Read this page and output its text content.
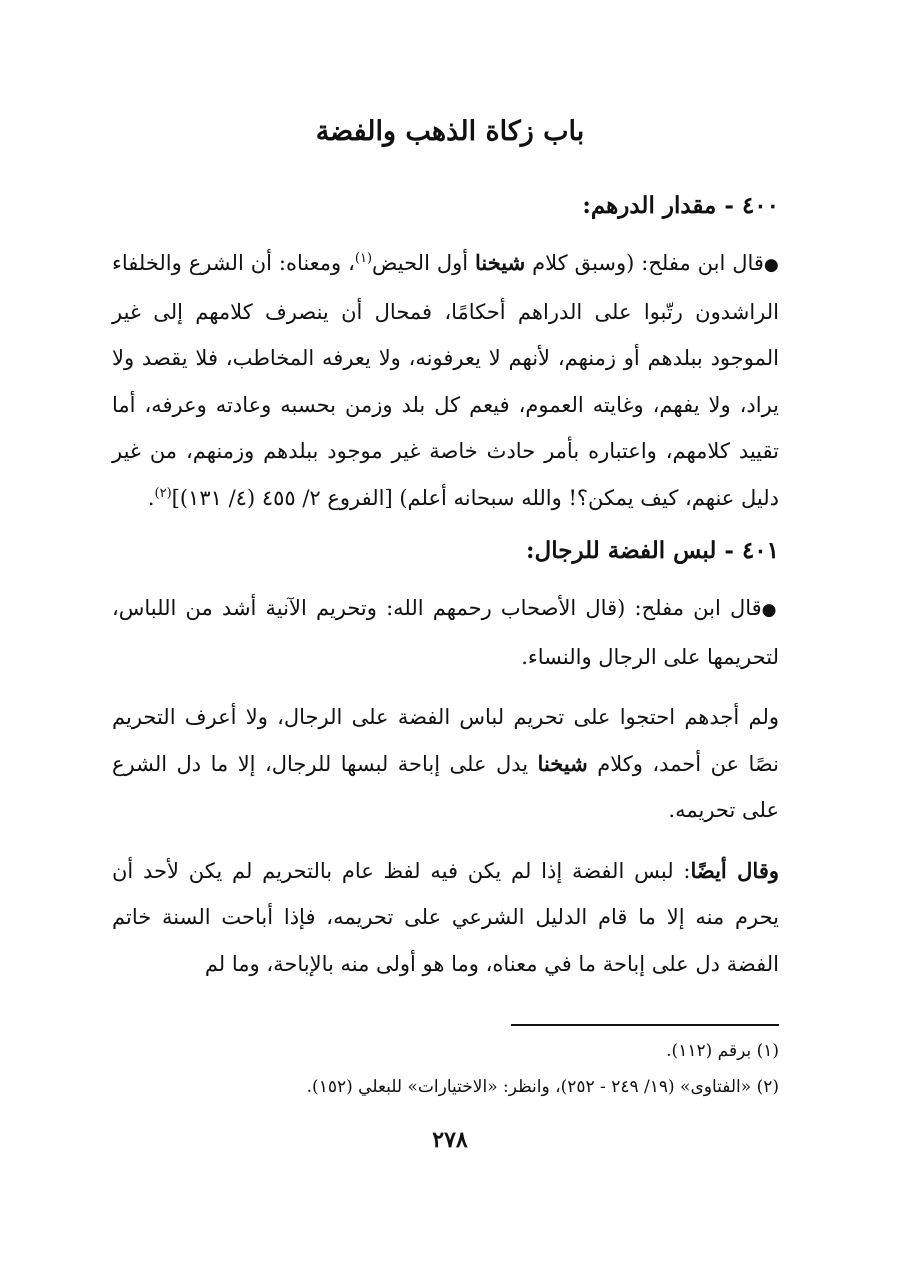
باب زكاة الذهب والفضة
٤٠٠ - مقدار الدرهم:

●قال ابن مفلح: (وسبق كلام شيخنا أول الحيض$^{(١)}$، ومعناه: أن الشرع والخلفاء الراشدون رتّبوا على الدراهم أحكامًا، فمحال أن ينصرف كلامهم إلى غير الموجود ببلدهم أو زمنهم، لأنهم لا يعرفونه، ولا يعرفه المخاطب، فلا يقصد ولا يراد، ولا يفهم، وغايته العموم، فيعم كل بلد وزمن بحسبه وعادته وعرفه، أما تقييد كلامهم، واعتباره بأمر حادث خاصة غير موجود ببلدهم وزمنهم، من غير دليل عنهم، كيف يمكن؟! والله سبحانه أعلم) [الفروع ٢/ ٤٥٥ (٤/ ١٣١)]$^{(٢)}$.

٤٠١ - لبس الفضة للرجال:

●قال ابن مفلح: (قال الأصحاب رحمهم الله: وتحريم الآنية أشد من اللباس، لتحريمها على الرجال والنساء.

ولم أجدهم احتجوا على تحريم لباس الفضة على الرجال، ولا أعرف التحريم نصًا عن أحمد، وكلام شيخنا يدل على إباحة لبسها للرجال، إلا ما دل الشرع على تحريمه.

وقال أيضًا: لبس الفضة إذا لم يكن فيه لفظ عام بالتحريم لم يكن لأحد أن يحرم منه إلا ما قام الدليل الشرعي على تحريمه، فإذا أباحت السنة خاتم الفضة دل على إباحة ما في معناه، وما هو أولى منه بالإباحة، وما لم

(١) برقم (١١٢).

(٢) «الفتاوى» (١٩/ ٢٤٩ - ٢٥٢)، وانظر: «الاختيارات» للبعلي (١٥٢).

٢٧٨
